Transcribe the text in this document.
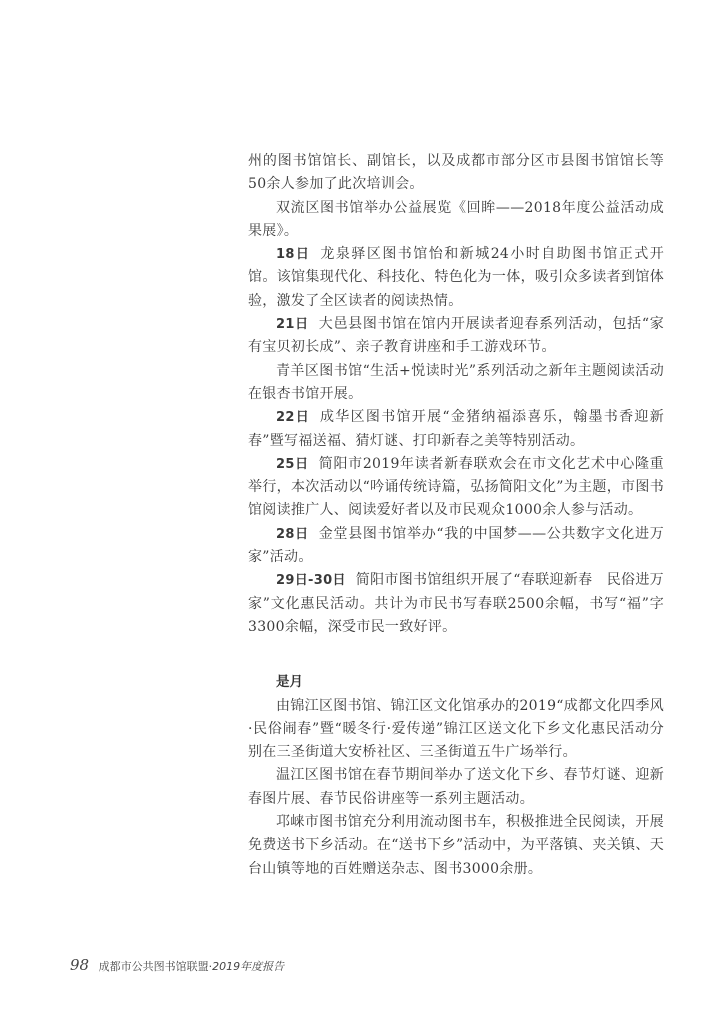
州的图书馆馆长、副馆长，以及成都市部分区市县图书馆馆长等50余人参加了此次培训会。

双流区图书馆举办公益展览《回眸——2018年度公益活动成果展》。

18日 龙泉驿区图书馆怡和新城24小时自助图书馆正式开馆。该馆集现代化、科技化、特色化为一体，吸引众多读者到馆体验，激发了全区读者的阅读热情。

21日 大邑县图书馆在馆内开展读者迎春系列活动，包括“家有宝贝初长成”、亲子教育讲座和手工游戏环节。

青羊区图书馆“生活+悦读时光”系列活动之新年主题阅读活动在银杏书馆开展。

22日 成华区图书馆开展“金猪纳福添喜乐，翰墨书香迎新春”暨写福送福、猜灯谜、打印新春之美等特别活动。

25日 简阳市2019年读者新春联欢会在市文化艺术中心隆重举行，本次活动以“吟诵传统诗篇，弘扬简阳文化”为主题，市图书馆阅读推广人、阅读爱好者以及市民观众1000余人参与活动。

28日 金堂县图书馆举办“我的中国梦——公共数字文化进万家”活动。

29日-30日 简阳市图书馆组织开展了“春联迎新春　民俗进万家”文化惠民活动。共计为市民书写春联2500余幅，书写“福”字3300余幅，深受市民一致好评。

是月

由锦江区图书馆、锦江区文化馆承办的2019“成都文化四季风·民俗闹春”暨“暖冬行·爱传递”锦江区送文化下乡文化惠民活动分别在三圣街道大安桥社区、三圣街道五牛广场举行。

温江区图书馆在春节期间举办了送文化下乡、春节灯谜、迎新春图片展、春节民俗讲座等一系列主题活动。

邛崃市图书馆充分利用流动图书车，积极推进全民阅读，开展免费送书下乡活动。在“送书下乡”活动中，为平落镇、夹关镇、天台山镇等地的百姓赠送杂志、图书3000余册。

98 成都市公共图书馆联盟·2019年度报告
